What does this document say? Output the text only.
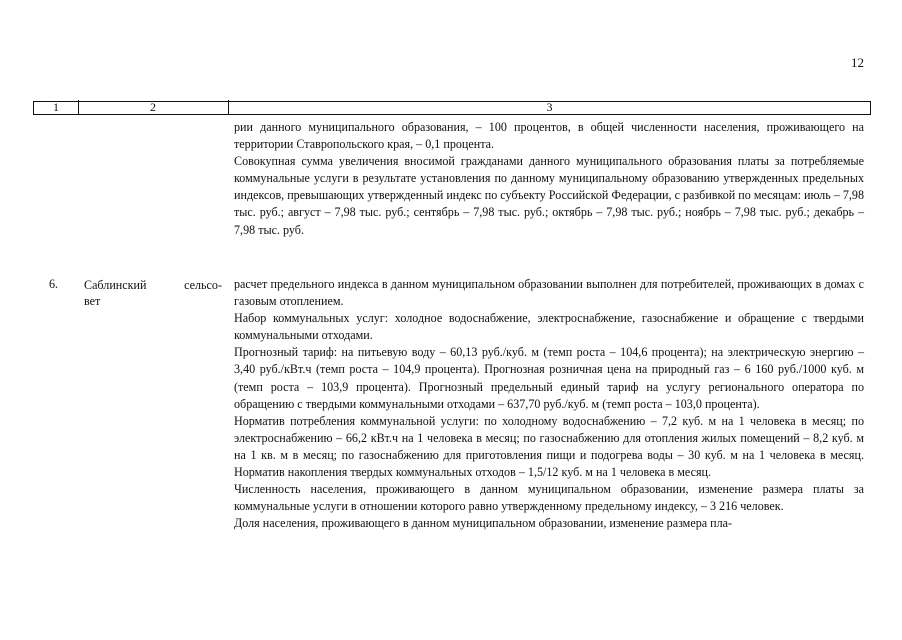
12
1	2	3

рии данного муниципального образования, – 100 процентов, в общей численности населения, проживающего на территории Ставропольского края, – 0,1 процента.

Совокупная сумма увеличения вносимой гражданами данного муниципального образования платы за потребляемые коммунальные услуги в результате установления по данному муниципальному образованию утвержденных предельных индексов, превышающих утвержденный индекс по субъекту Российской Федерации, с разбивкой по месяцам: июль – 7,98 тыс. руб.; август – 7,98 тыс. руб.; сентябрь – 7,98 тыс. руб.; октябрь – 7,98 тыс. руб.; ноябрь – 7,98 тыс. руб.; декабрь – 7,98 тыс. руб.

6. Саблинский сельсо-
вет

расчет предельного индекса в данном муниципальном образовании выполнен для потребителей, проживающих в домах с газовым отоплением.

Набор коммунальных услуг: холодное водоснабжение, электроснабжение, газоснабжение и обращение с твердыми коммунальными отходами.

Прогнозный тариф: на питьевую воду – 60,13 руб./куб. м (темп роста – 104,6 процента); на электрическую энергию – 3,40 руб./кВт.ч (темп роста – 104,9 процента). Прогнозная розничная цена на природный газ – 6 160 руб./1000 куб. м (темп роста – 103,9 процента). Прогнозный предельный единый тариф на услугу регионального оператора по обращению с твердыми коммунальными отходами – 637,70 руб./куб. м (темп роста – 103,0 процента).

Норматив потребления коммунальной услуги: по холодному водоснабжению – 7,2 куб. м на 1 человека в месяц; по электроснабжению – 66,2 кВт.ч на 1 человека в месяц; по газоснабжению для отопления жилых помещений – 8,2 куб. м на 1 кв. м в месяц; по газоснабжению для приготовления пищи и подогрева воды – 30 куб. м на 1 человека в месяц. Норматив накопления твердых коммунальных отходов – 1,5/12 куб. м на 1 человека в месяц.

Численность населения, проживающего в данном муниципальном образовании, изменение размера платы за коммунальные услуги в отношении которого равно утвержденному предельному индексу, – 3 216 человек.

Доля населения, проживающего в данном муниципальном образовании, изменение размера пла-
